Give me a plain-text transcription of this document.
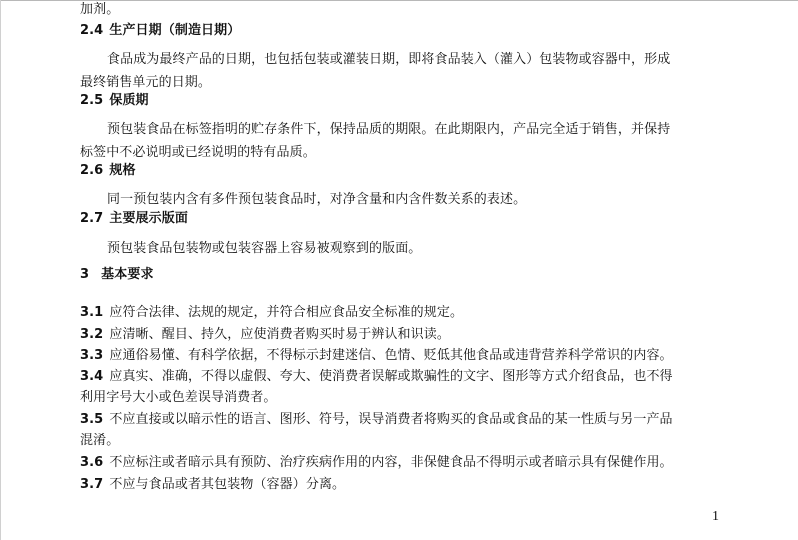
加剂。
2.4 生产日期（制造日期）
食品成为最终产品的日期，也包括包装或灌装日期，即将食品装入（灌入）包装物或容器中，形成
最终销售单元的日期。
2.5 保质期
预包装食品在标签指明的贮存条件下，保持品质的期限。在此期限内，产品完全适于销售，并保持
标签中不必说明或已经说明的特有品质。
2.6 规格
同一预包装内含有多件预包装食品时，对净含量和内含件数关系的表述。
2.7 主要展示版面
预包装食品包装物或包装容器上容易被观察到的版面。
3 基本要求
3.1 应符合法律、法规的规定，并符合相应食品安全标准的规定。
3.2 应清晰、醒目、持久，应使消费者购买时易于辨认和识读。
3.3 应通俗易懂、有科学依据，不得标示封建迷信、色情、贬低其他食品或违背营养科学常识的内容。
3.4 应真实、准确，不得以虚假、夸大、使消费者误解或欺骗性的文字、图形等方式介绍食品，也不得
利用字号大小或色差误导消费者。
3.5 不应直接或以暗示性的语言、图形、符号，误导消费者将购买的食品或食品的某一性质与另一产品
混淆。
3.6 不应标注或者暗示具有预防、治疗疾病作用的内容，非保健食品不得明示或者暗示具有保健作用。
3.7 不应与食品或者其包装物（容器）分离。
1
